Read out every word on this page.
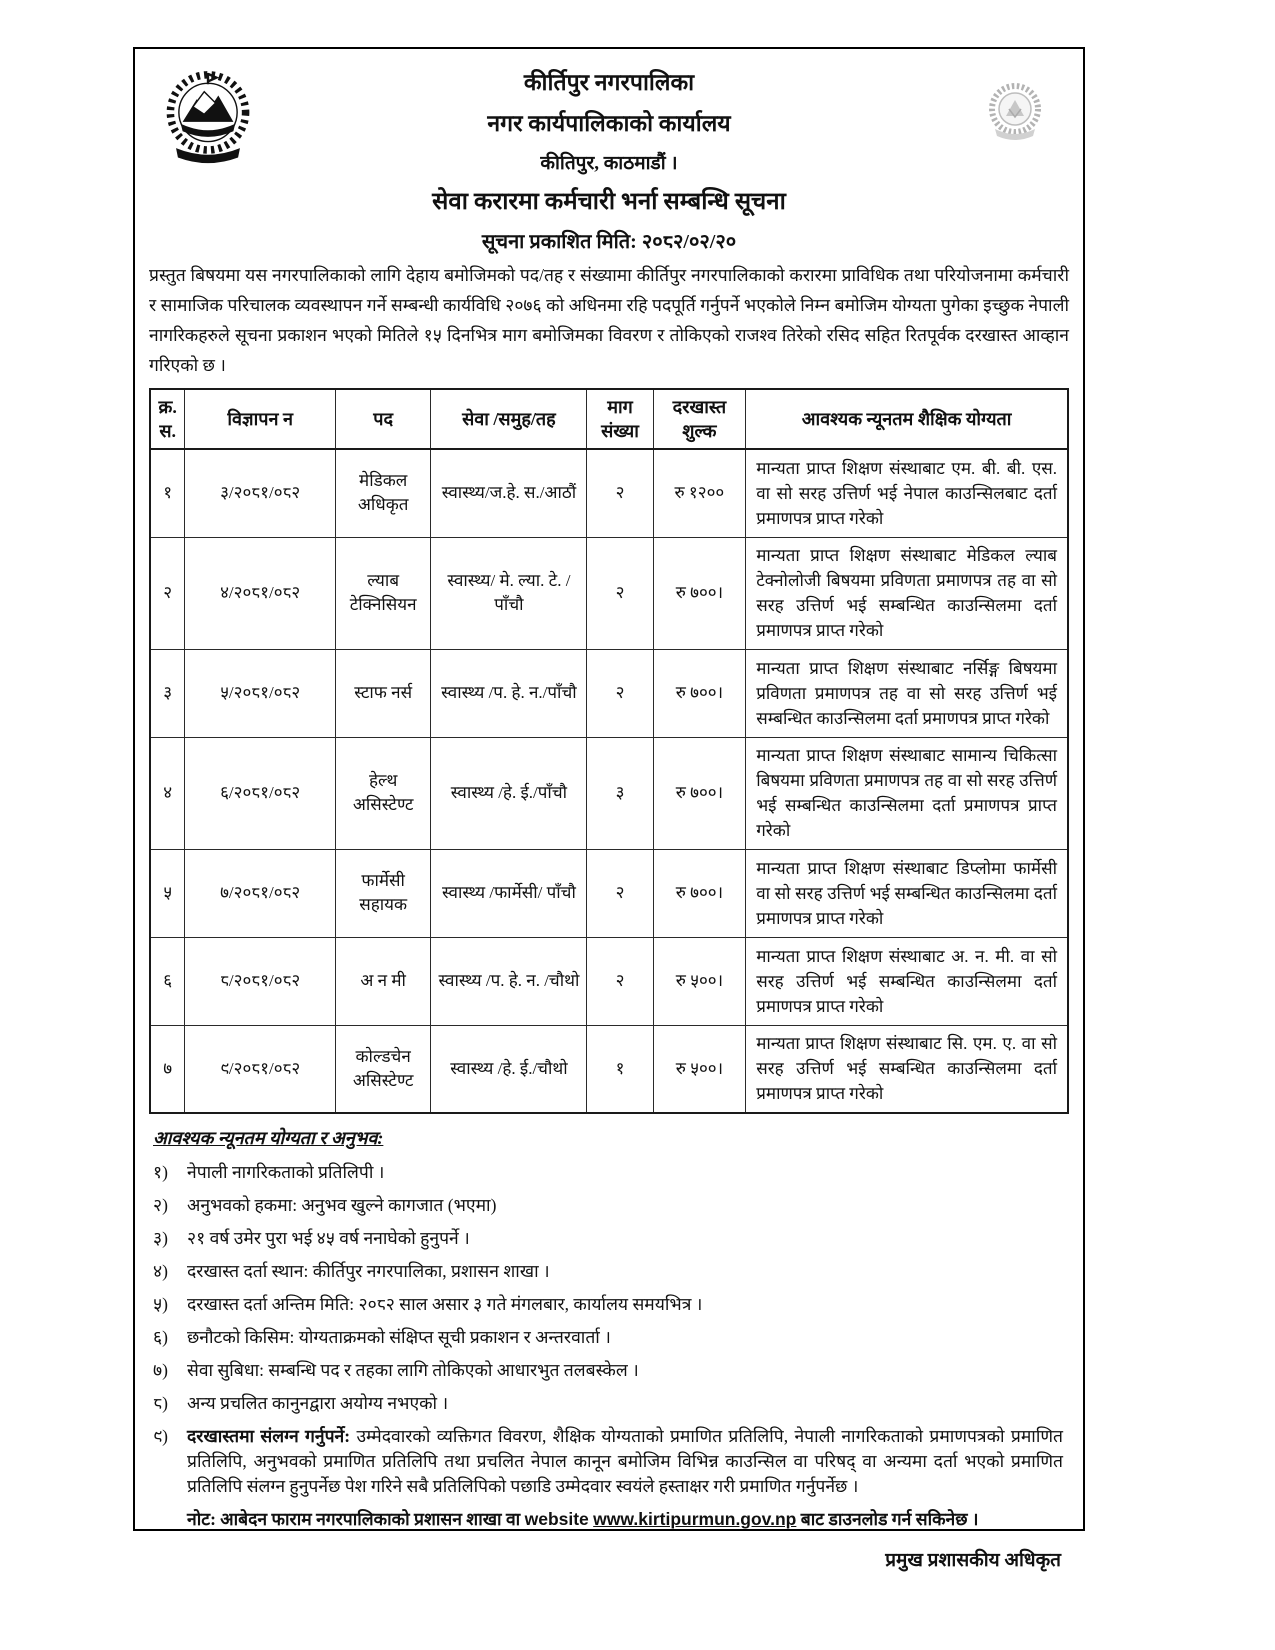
कीर्तिपुर नगरपालिका
नगर कार्यपालिकाको कार्यालय
कीतिपुर, काठमाडौं ।
सेवा करारमा कर्मचारी भर्ना सम्बन्धि सूचना
सूचना प्रकाशित मिति: २०८२/०२/२०

प्रस्तुत बिषयमा यस नगरपालिकाको लागि देहाय बमोजिमको पद/तह र संख्यामा कीर्तिपुर नगरपालिकाको करारमा प्राविधिक तथा परियोजनामा कर्मचारी र सामाजिक परिचालक व्यवस्थापन गर्ने सम्बन्धी कार्यविधि २०७६ को अधिनमा रहि पदपूर्ति गर्नुपर्ने भएकोले निम्न बमोजिम योग्यता पुगेका इच्छुक नेपाली नागरिकहरुले सूचना प्रकाशन भएको मितिले १५ दिनभित्र माग बमोजिमका विवरण र तोकिएको राजश्व तिरेको रसिद सहित रितपूर्वक दरखास्त आव्हान गरिएको छ ।

क्र. स.	विज्ञापन न	पद	सेवा /समुह/तह	माग संख्या	दरखास्त शुल्क	आवश्यक न्यूनतम शैक्षिक योग्यता
१	३/२०८१/०८२	मेडिकल अधिकृत	स्वास्थ्य/ज.हे. स./आठौं	२	रु १२००	मान्यता प्राप्त शिक्षण संस्थाबाट एम. बी. बी. एस. वा सो सरह उत्तिर्ण भई नेपाल काउन्सिलबाट दर्ता प्रमाणपत्र प्राप्त गरेको
२	४/२०८१/०८२	ल्याब टेक्निसियन	स्वास्थ्य/ मे. ल्या. टे. /पाँचौ	२	रु ७००।	मान्यता प्राप्त शिक्षण संस्थाबाट मेडिकल ल्याब टेक्नोलोजी बिषयमा प्रविणता प्रमाणपत्र तह वा सो सरह उत्तिर्ण भई सम्बन्धित काउन्सिलमा दर्ता प्रमाणपत्र प्राप्त गरेको
३	५/२०८१/०८२	स्टाफ नर्स	स्वास्थ्य /प. हे. न./पाँचौ	२	रु ७००।	मान्यता प्राप्त शिक्षण संस्थाबाट नर्सिङ्ग बिषयमा प्रविणता प्रमाणपत्र तह वा सो सरह उत्तिर्ण भई सम्बन्धित काउन्सिलमा दर्ता प्रमाणपत्र प्राप्त गरेको
४	६/२०८१/०८२	हेल्थ असिस्टेण्ट	स्वास्थ्य /हे. ई./पाँचौ	३	रु ७००।	मान्यता प्राप्त शिक्षण संस्थाबाट सामान्य चिकित्सा बिषयमा प्रविणता प्रमाणपत्र तह वा सो सरह उत्तिर्ण भई सम्बन्धित काउन्सिलमा दर्ता प्रमाणपत्र प्राप्त गरेको
५	७/२०८१/०८२	फार्मेसी सहायक	स्वास्थ्य /फार्मेसी/ पाँचौ	२	रु ७००।	मान्यता प्राप्त शिक्षण संस्थाबाट डिप्लोमा फार्मेसी वा सो सरह उत्तिर्ण भई सम्बन्धित काउन्सिलमा दर्ता प्रमाणपत्र प्राप्त गरेको
६	८/२०८१/०८२	अ न मी	स्वास्थ्य /प. हे. न. /चौथो	२	रु ५००।	मान्यता प्राप्त शिक्षण संस्थाबाट अ. न. मी. वा सो सरह उत्तिर्ण भई सम्बन्धित काउन्सिलमा दर्ता प्रमाणपत्र प्राप्त गरेको
७	९/२०८१/०८२	कोल्डचेन असिस्टेण्ट	स्वास्थ्य /हे. ई./चौथो	१	रु ५००।	मान्यता प्राप्त शिक्षण संस्थाबाट सि. एम. ए. वा सो सरह उत्तिर्ण भई सम्बन्धित काउन्सिलमा दर्ता प्रमाणपत्र प्राप्त गरेको
आवश्यक न्यूनतम योग्यता र अनुभव:
१)	नेपाली नागरिकताको प्रतिलिपी ।
२)	अनुभवको हकमा: अनुभव खुल्ने कागजात (भएमा)
३)	२१ वर्ष उमेर पुरा भई ४५ वर्ष ननाघेको हुनुपर्ने ।
४)	दरखास्त दर्ता स्थान: कीर्तिपुर नगरपालिका, प्रशासन शाखा ।
५)	दरखास्त दर्ता अन्तिम मिति: २०८२ साल असार ३ गते मंगलबार, कार्यालय समयभित्र ।
६)	छनौटको किसिम: योग्यताक्रमको संक्षिप्त सूची प्रकाशन र अन्तरवार्ता ।
७)	सेवा सुबिधा: सम्बन्धि पद र तहका लागि तोकिएको आधारभुत तलबस्केल ।
८)	अन्य प्रचलित कानुनद्वारा अयोग्य नभएको ।
९)	दरखास्तमा संलग्न गर्नुपर्ने: उम्मेदवारको व्यक्तिगत विवरण, शैक्षिक योग्यताको प्रमाणित प्रतिलिपि, नेपाली नागरिकताको प्रमाणपत्रको प्रमाणित प्रतिलिपि, अनुभवको प्रमाणित प्रतिलिपि तथा प्रचलित नेपाल कानून बमोजिम विभिन्न काउन्सिल वा परिषद् वा अन्यमा दर्ता भएको प्रमाणित प्रतिलिपि संलग्न हुनुपर्नेछ पेश गरिने सबै प्रतिलिपिको पछाडि उम्मेदवार स्वयंले हस्ताक्षर गरी प्रमाणित गर्नुपर्नेछ ।
नोट: आबेदन फाराम नगरपालिकाको प्रशासन शाखा वा website www.kirtipurmun.gov.np बाट डाउनलोड गर्न सकिनेछ ।
प्रमुख प्रशासकीय अधिकृत
